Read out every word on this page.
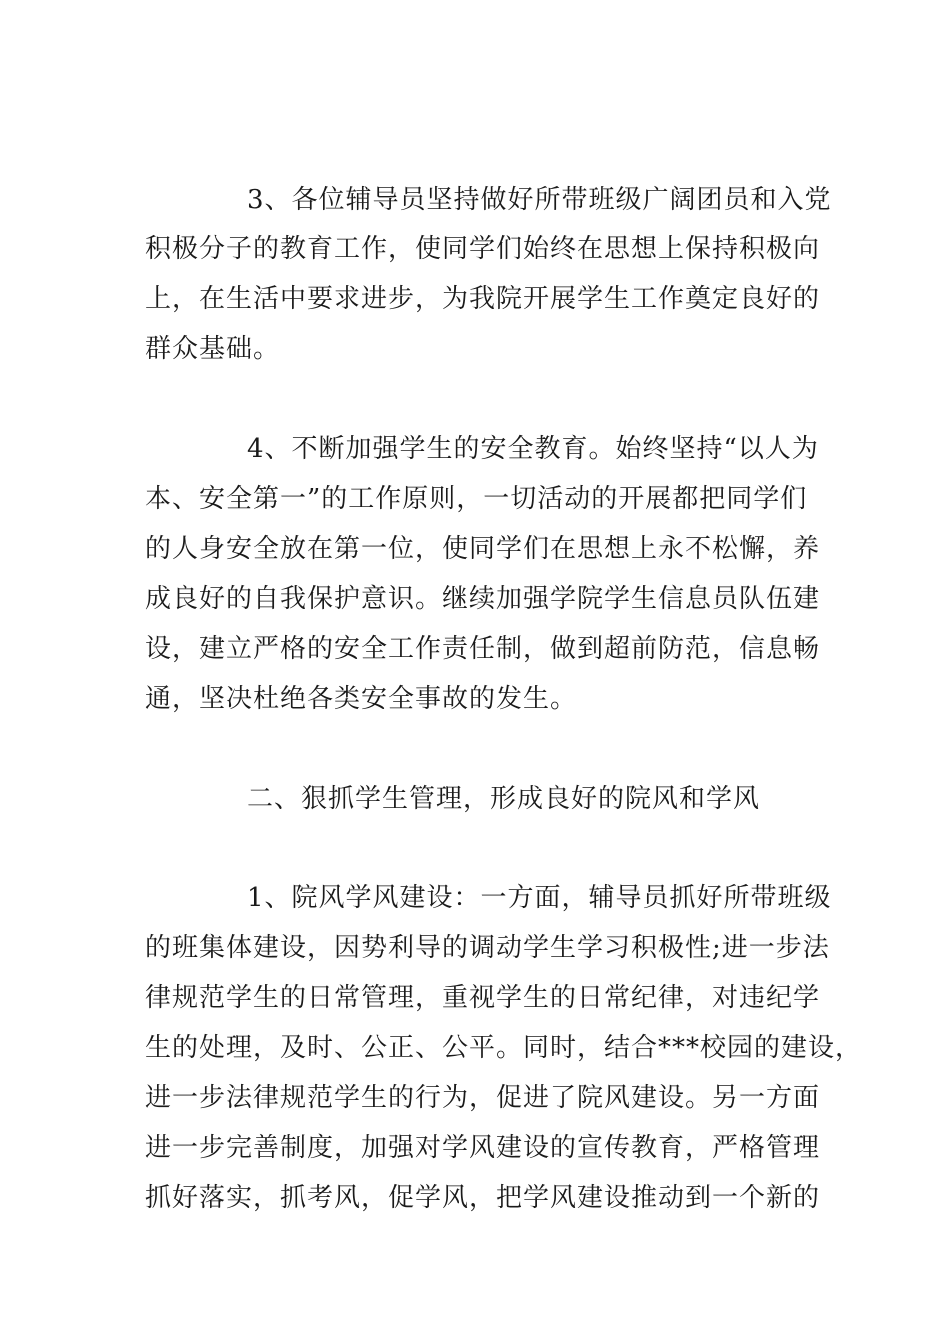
3、各位辅导员坚持做好所带班级广阔团员和入党
积极分子的教育工作，使同学们始终在思想上保持积极向
上，在生活中要求进步，为我院开展学生工作奠定良好的
群众基础。
4、不断加强学生的安全教育。始终坚持“以人为
本、安全第一”的工作原则，一切活动的开展都把同学们
的人身安全放在第一位，使同学们在思想上永不松懈，养
成良好的自我保护意识。继续加强学院学生信息员队伍建
设，建立严格的安全工作责任制，做到超前防范，信息畅
通，坚决杜绝各类安全事故的发生。
二、狠抓学生管理，形成良好的院风和学风
1、院风学风建设：一方面，辅导员抓好所带班级
的班集体建设，因势利导的调动学生学习积极性;进一步法
律规范学生的日常管理，重视学生的日常纪律，对违纪学
生的处理，及时、公正、公平。同时，结合***校园的建设，
进一步法律规范学生的行为，促进了院风建设。另一方面
进一步完善制度，加强对学风建设的宣传教育，严格管理
抓好落实，抓考风，促学风，把学风建设推动到一个新的
